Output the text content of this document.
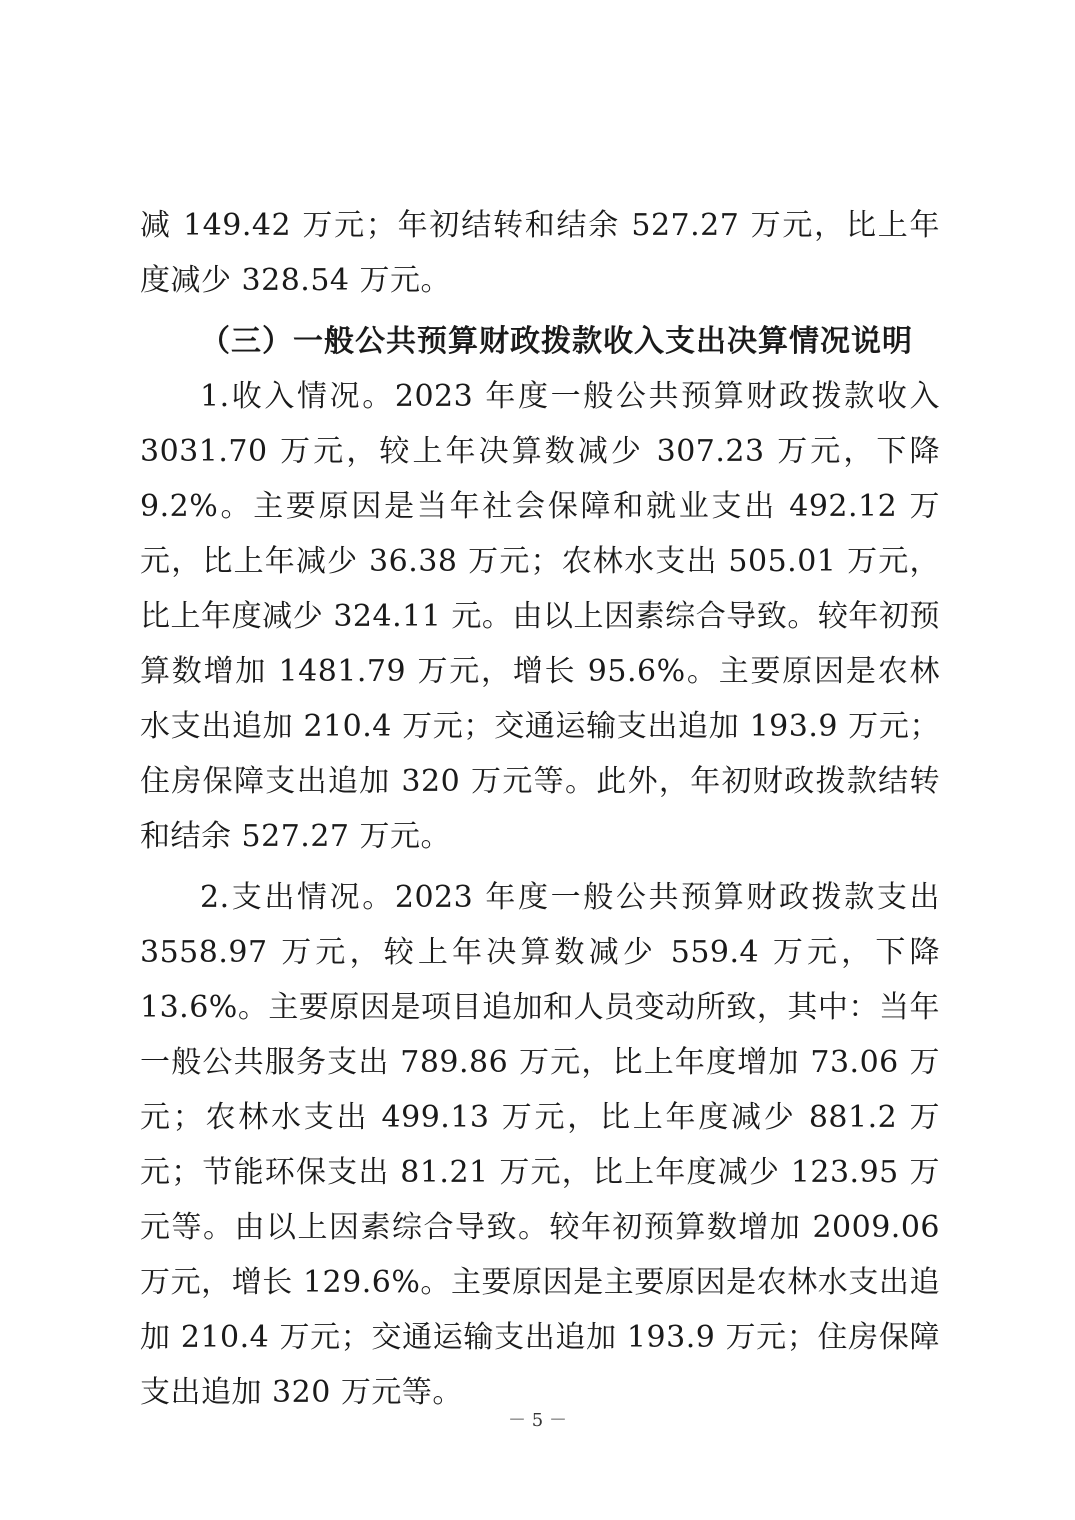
减 149.42 万元；年初结转和结余 527.27 万元，比上年度减少 328.54 万元。

（三）一般公共预算财政拨款收入支出决算情况说明

1.收入情况。2023 年度一般公共预算财政拨款收入 3031.70 万元，较上年决算数减少 307.23 万元，下降 9.2%。主要原因是当年社会保障和就业支出 492.12 万元，比上年减少 36.38 万元；农林水支出 505.01 万元，比上年度减少 324.11 元。由以上因素综合导致。较年初预算数增加 1481.79 万元，增长 95.6%。主要原因是农林水支出追加 210.4 万元；交通运输支出追加 193.9 万元；住房保障支出追加 320 万元等。此外，年初财政拨款结转和结余 527.27 万元。

2.支出情况。2023 年度一般公共预算财政拨款支出 3558.97 万元，较上年决算数减少 559.4 万元，下降 13.6%。主要原因是项目追加和人员变动所致，其中：当年一般公共服务支出 789.86 万元，比上年度增加 73.06 万元；农林水支出 499.13 万元，比上年度减少 881.2 万元；节能环保支出 81.21 万元，比上年度减少 123.95 万元等。由以上因素综合导致。较年初预算数增加 2009.06 万元，增长 129.6%。主要原因是主要原因是农林水支出追加 210.4 万元；交通运输支出追加 193.9 万元；住房保障支出追加 320 万元等。

－ 5 －
